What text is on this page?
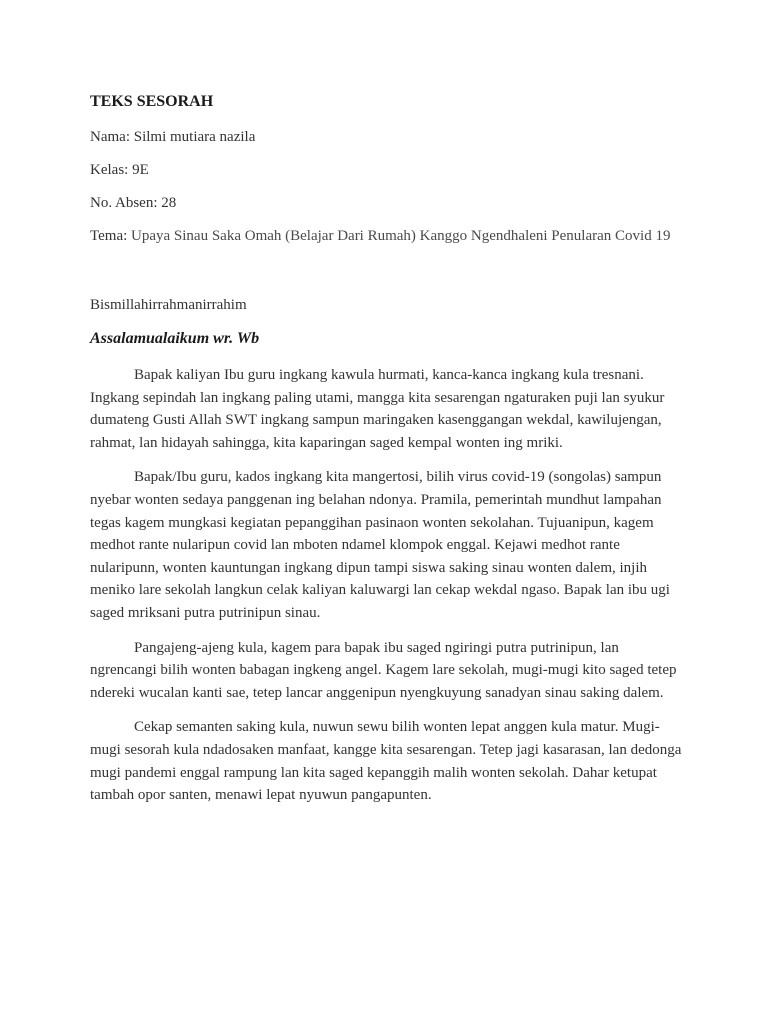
TEKS SESORAH
Nama: Silmi mutiara nazila
Kelas: 9E
No. Absen: 28
Tema: Upaya Sinau Saka Omah (Belajar Dari Rumah) Kanggo Ngendhaleni Penularan Covid 19
Bismillahirrahmanirrahim
Assalamualaikum wr. Wb

Bapak kaliyan Ibu guru ingkang kawula hurmati, kanca-kanca ingkang kula tresnani. Ingkang sepindah lan ingkang paling utami, mangga kita sesarengan ngaturaken puji lan syukur dumateng Gusti Allah SWT ingkang sampun maringaken kasenggangan wekdal, kawilujengan, rahmat, lan hidayah sahingga, kita kaparingan saged kempal wonten ing mriki.

Bapak/Ibu guru, kados ingkang kita mangertosi, bilih virus covid-19 (songolas) sampun nyebar wonten sedaya panggenan ing belahan ndonya. Pramila, pemerintah mundhut lampahan tegas kagem mungkasi kegiatan pepanggihan pasinaon wonten sekolahan. Tujuanipun, kagem medhot rante nularipun covid lan mboten ndamel klompok enggal. Kejawi medhot rante nularipunn, wonten kauntungan ingkang dipun tampi siswa saking sinau wonten dalem, injih meniko lare sekolah langkun celak kaliyan kaluwargi lan cekap wekdal ngaso. Bapak lan ibu ugi saged mriksani putra putrinipun sinau.

Pangajeng-ajeng kula, kagem para bapak ibu saged ngiringi putra putrinipun, lan ngrencangi bilih wonten babagan ingkeng angel. Kagem lare sekolah, mugi-mugi kito saged tetep ndereki wucalan kanti sae, tetep lancar anggenipun nyengkuyung sanadyan sinau saking dalem.

Cekap semanten saking kula, nuwun sewu bilih wonten lepat anggen kula matur. Mugi-mugi sesorah kula ndadosaken manfaat, kangge kita sesarengan. Tetep jagi kasarasan, lan dedonga mugi pandemi enggal rampung lan kita saged kepanggih malih wonten sekolah. Dahar ketupat tambah opor santen, menawi lepat nyuwun pangapunten.
